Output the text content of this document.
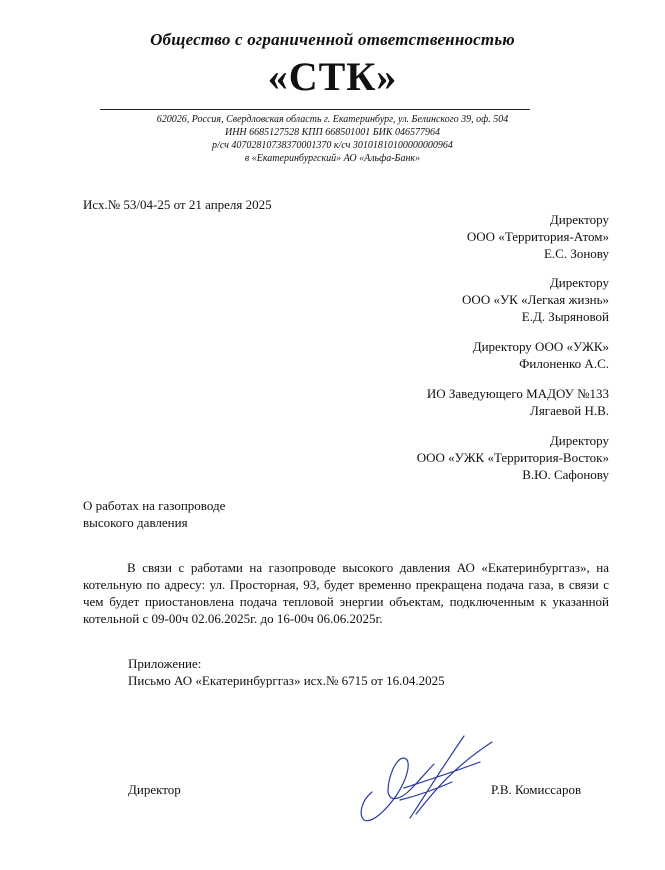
Общество с ограниченной ответственностью
«СТК»
620026, Россия, Свердловская область г. Екатеринбург, ул. Белинского 39, оф. 504
ИНН 6685127528 КПП 668501001 БИК 046577964
р/сч 40702810738370001370 к/сч 30101810100000000964
в «Екатеринбургский» АО «Альфа-Банк»
Исх.№ 53/04-25 от 21 апреля 2025
Директору
ООО «Территория-Атом»
Е.С. Зонову
Директору
ООО «УК «Легкая жизнь»
Е.Д. Зыряновой
Директору ООО «УЖК»
Филоненко А.С.
ИО Заведующего МАДОУ №133
Лягаевой Н.В.
Директору
ООО «УЖК «Территория-Восток»
В.Ю. Сафонову
О работах на газопроводе
высокого давления
В связи с работами на газопроводе высокого давления АО «Екатеринбурггаз», на котельную по адресу: ул. Просторная, 93, будет временно прекращена подача газа, в связи с чем будет приостановлена подача тепловой энергии объектам, подключенным к указанной котельной с 09-00ч 02.06.2025г. до 16-00ч 06.06.2025г.
Приложение:
Письмо АО «Екатеринбурггаз» исх.№ 6715 от 16.04.2025
Директор	Р.В. Комиссаров
